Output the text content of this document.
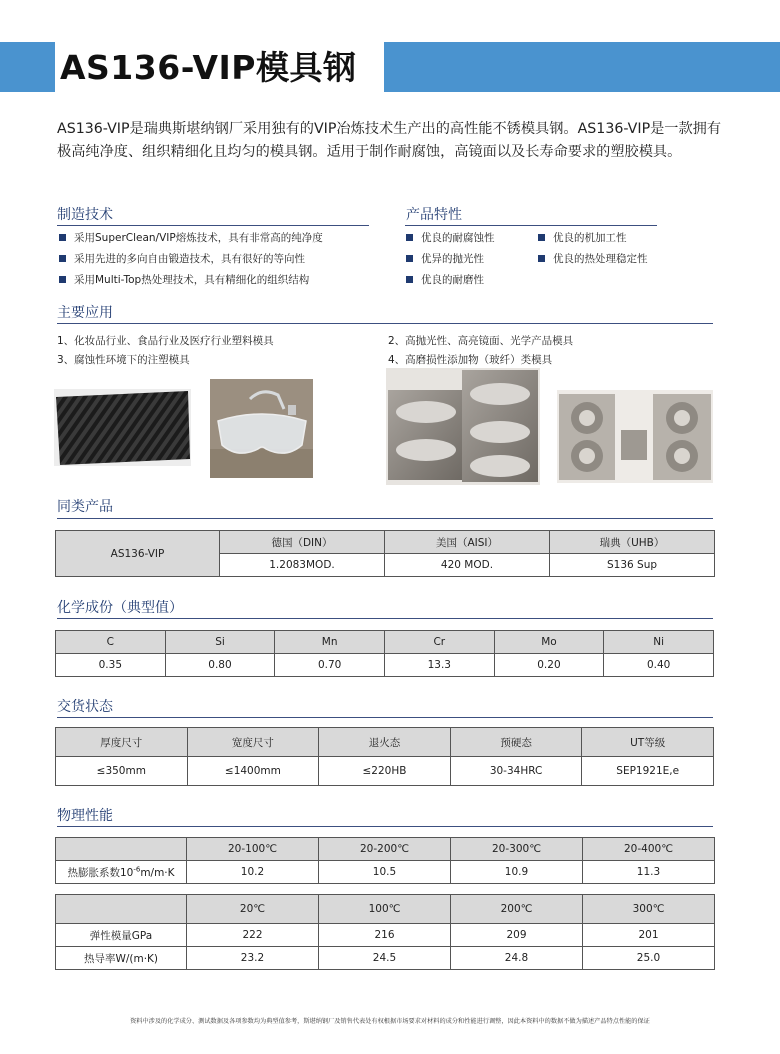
AS136-VIP模具钢
AS136-VIP是瑞典斯堪纳钢厂采用独有的VIP冶炼技术生产出的高性能不锈模具钢。AS136-VIP是一款拥有极高纯净度、组织精细化且均匀的模具钢。适用于制作耐腐蚀，高镜面以及长寿命要求的塑胶模具。
制造技术
采用SuperClean/VIP熔炼技术，具有非常高的纯净度
采用先进的多向自由锻造技术，具有很好的等向性
采用Multi-Top热处理技术，具有精细化的组织结构
产品特性
优良的耐腐蚀性	优良的机加工性
优异的抛光性	优良的热处理稳定性
优良的耐磨性
主要应用
1、化妆品行业、食品行业及医疗行业塑料模具	2、高抛光性、高亮镜面、光学产品模具
3、腐蚀性环境下的注塑模具	4、高磨损性添加物（玻纤）类模具
同类产品
AS136-VIP	德国（DIN）	美国（AISI）	瑞典（UHB）
	1.2083MOD.	420 MOD.	S136 Sup
化学成份（典型值）
C	Si	Mn	Cr	Mo	Ni
0.35	0.80	0.70	13.3	0.20	0.40
交货状态
厚度尺寸	宽度尺寸	退火态	预硬态	UT等级
≤350mm	≤1400mm	≤220HB	30-34HRC	SEP1921E,e
物理性能
	20-100℃	20-200℃	20-300℃	20-400℃
热膨胀系数$10^{-6}m/m\cdot K$	10.2	10.5	10.9	11.3
	20℃	100℃	200℃	300℃
弹性模量GPa	222	216	209	201
热导率W/(m·K)	23.2	24.5	24.8	25.0
资料中涉及的化学成分、测试数据及各项参数均为典型值参考，斯堪纳钢厂及销售代表处有权根据市场要求对材料的成分和性能进行调整，因此本资料中的数据不做为描述产品特点性能的保证
